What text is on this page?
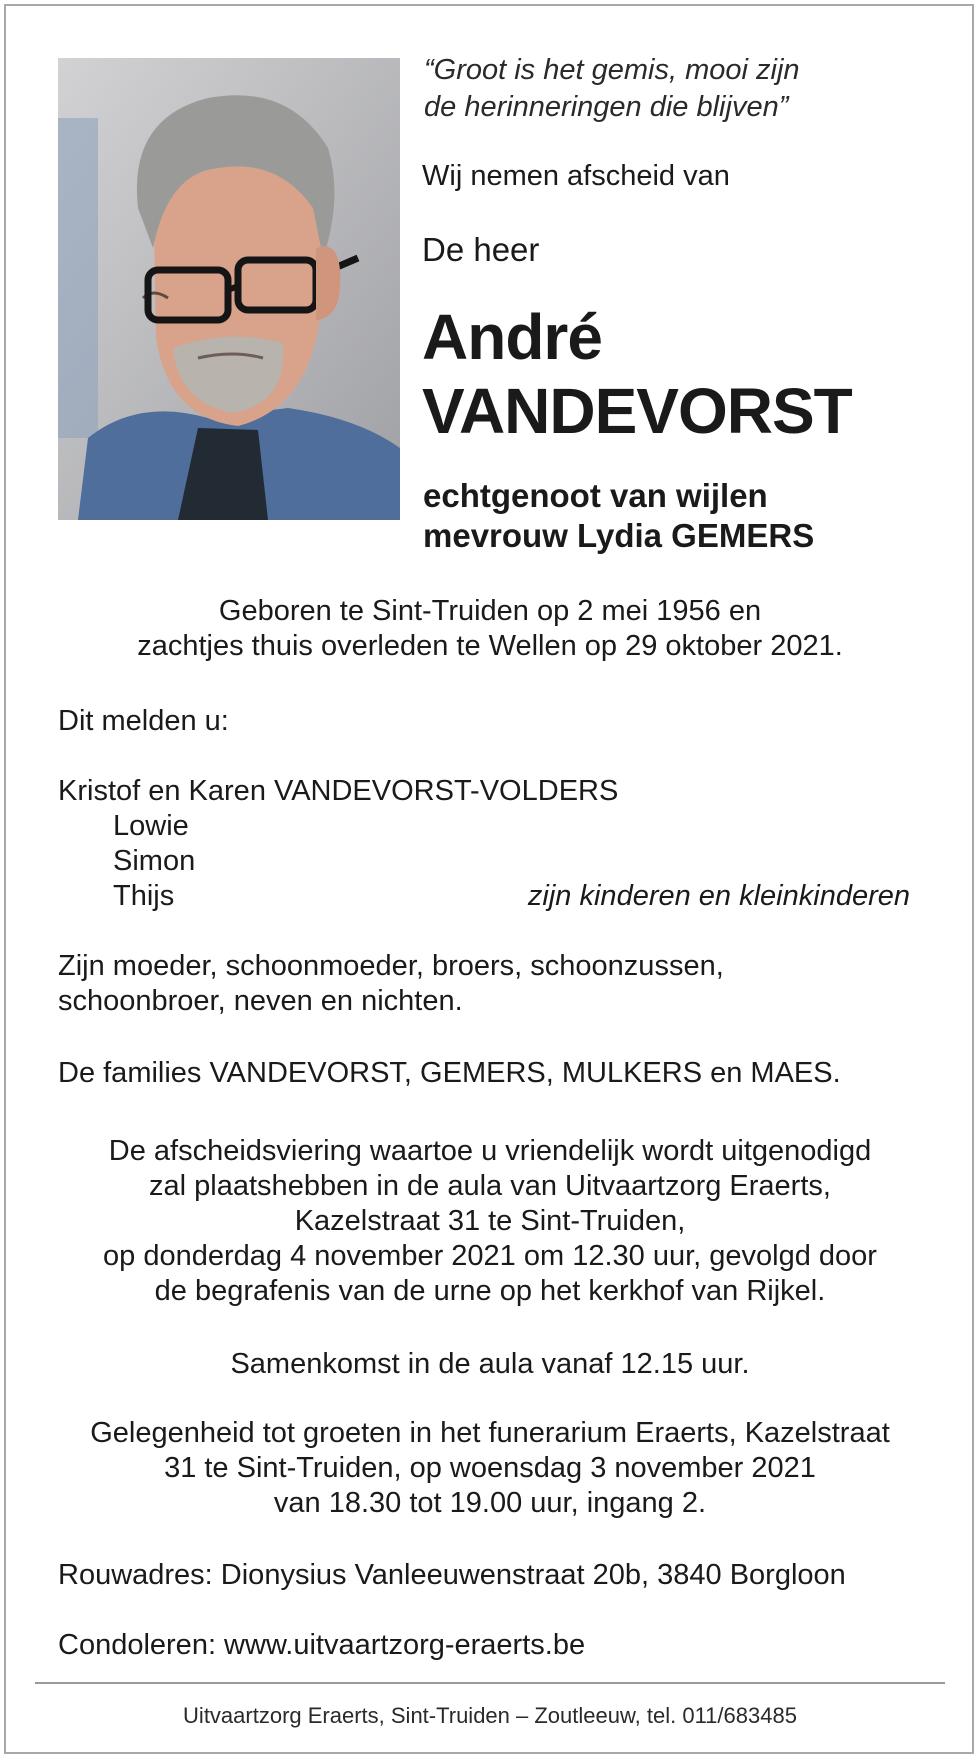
“Groot is het gemis, mooi zijn
de herinneringen die blijven”
Wij nemen afscheid van
De heer
André
VANDEVORST
echtgenoot van wijlen
mevrouw Lydia GEMERS
Geboren te Sint-Truiden op 2 mei 1956 en
zachtjes thuis overleden te Wellen op 29 oktober 2021.
Dit melden u:
Kristof en Karen VANDEVORST-VOLDERS
Lowie
Simon
Thijs	zijn kinderen en kleinkinderen
Zijn moeder, schoonmoeder, broers, schoonzussen,
schoonbroer, neven en nichten.
De families VANDEVORST, GEMERS, MULKERS en MAES.
De afscheidsviering waartoe u vriendelijk wordt uitgenodigd
zal plaatshebben in de aula van Uitvaartzorg Eraerts,
Kazelstraat 31 te Sint-Truiden,
op donderdag 4 november 2021 om 12.30 uur, gevolgd door
de begrafenis van de urne op het kerkhof van Rijkel.
Samenkomst in de aula vanaf 12.15 uur.
Gelegenheid tot groeten in het funerarium Eraerts, Kazelstraat
31 te Sint-Truiden, op woensdag 3 november 2021
van 18.30 tot 19.00 uur, ingang 2.
Rouwadres: Dionysius Vanleeuwenstraat 20b, 3840 Borgloon
Condoleren: www.uitvaartzorg-eraerts.be
Uitvaartzorg Eraerts, Sint-Truiden – Zoutleeuw, tel. 011/683485
